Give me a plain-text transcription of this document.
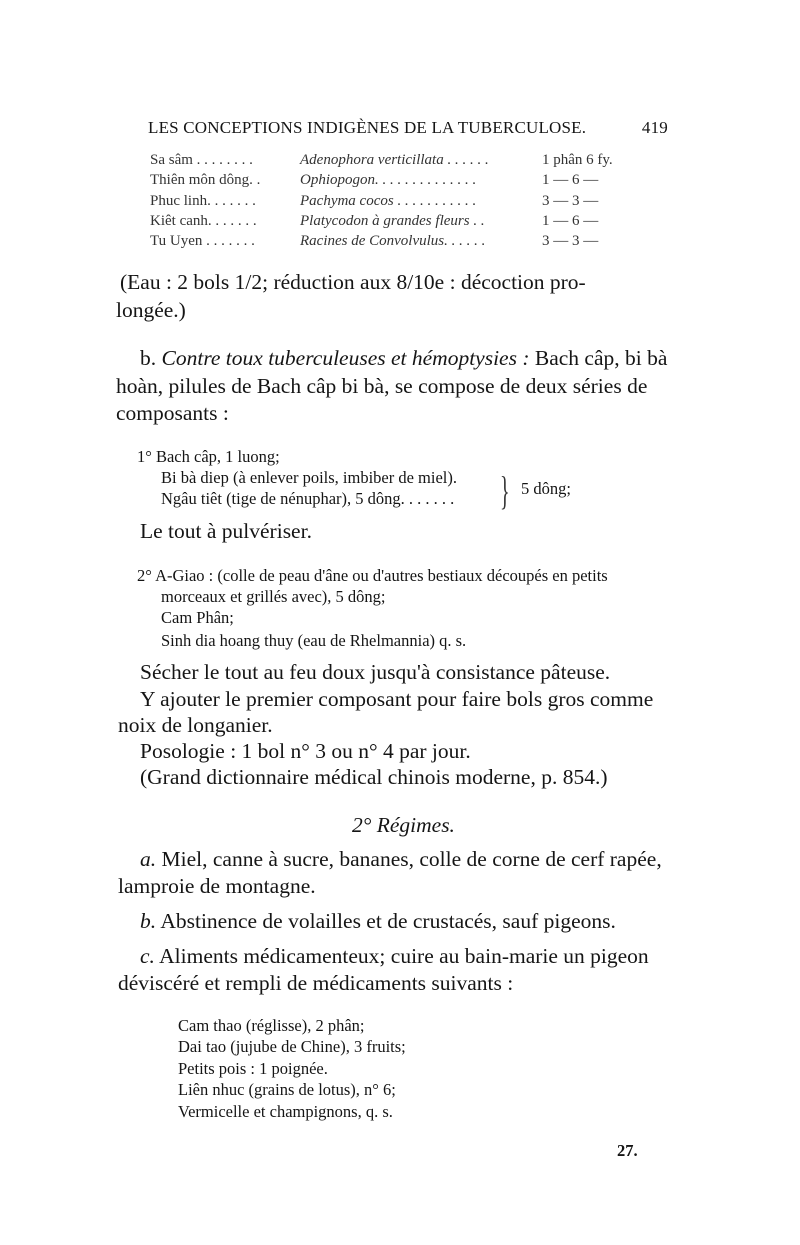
LES CONCEPTIONS INDIGÈNES DE LA TUBERCULOSE.	419
Sa sâm . . . . . . . .	Adenophora verticillata . . . . . .	1 phân 6 fy.
Thiên môn dông. .	Ophiopogon. . . . . . . . . . . . . .	1 — 6 —
Phuc linh. . . . . . .	Pachyma cocos . . . . . . . . . . .	3 — 3 —
Kiêt canh. . . . . . .	Platycodon à grandes fleurs . .	1 — 6 —
Tu Uyen . . . . . . .	Racines de Convolvulus. . . . . .	3 — 3 —
(Eau : 2 bols 1/2; réduction aux 8/10e : décoction pro-
longée.)
b. Contre toux tuberculeuses et hémoptysies : Bach câp, bi bà
hoàn, pilules de Bach câp bi bà, se compose de deux séries de
composants :
1° Bach câp, 1 luong;
Bi bà diep (à enlever poils, imbiber de miel).
Ngâu tiêt (tige de nénuphar), 5 dông. . . . . . . } 5 dông;
Le tout à pulvériser.
2° A-Giao : (colle de peau d'âne ou d'autres bestiaux découpés en petits
morceaux et grillés avec), 5 dông;
Cam Phân;
Sinh dia hoang thuy (eau de Rhelmannia) q. s.
Sécher le tout au feu doux jusqu'à consistance pâteuse.
Y ajouter le premier composant pour faire bols gros comme
noix de longanier.
Posologie : 1 bol n° 3 ou n° 4 par jour.
(Grand dictionnaire médical chinois moderne, p. 854.)
2° Régimes.
a. Miel, canne à sucre, bananes, colle de corne de cerf rapée,
lamproie de montagne.
b. Abstinence de volailles et de crustacés, sauf pigeons.
c. Aliments médicamenteux; cuire au bain-marie un pigeon
déviscéré et rempli de médicaments suivants :
Cam thao (réglisse), 2 phân;
Dai tao (jujube de Chine), 3 fruits;
Petits pois : 1 poignée.
Liên nhuc (grains de lotus), n° 6;
Vermicelle et champignons, q. s.
27.
